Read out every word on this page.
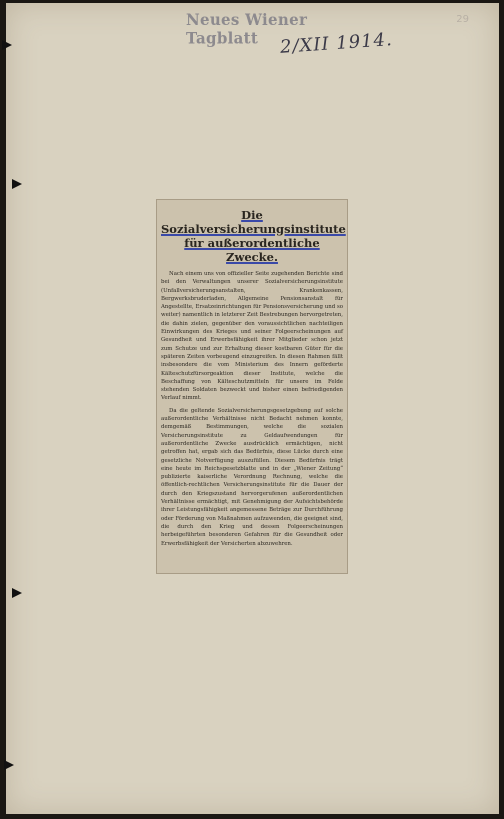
Neues Wiener Tagblatt
29
2/XII 1914.
Die Sozialversicherungsinstitute für außerordentliche Zwecke.

Nach einem uns von offizieller Seite zugehenden Berichte sind bei den Verwaltungen unserer Sozialversicherungsinstitute (Unfallversicherungsanstalten, Krankenkassen, Bergwerksbruderladen, Allgemeine Pensionsanstalt für Angestellte, Ersatzeinrichtungen für Pensionsversicherung und so weiter) namentlich in letzterer Zeit Bestrebungen hervorgetreten, die dahin zielen, gegenüber den voraussichtlichen nachteiligen Einwirkungen des Krieges und seiner Folgeerscheinungen auf Gesundheit und Erwerbsfähigkeit ihrer Mitglieder schon jetzt zum Schutze und zur Erhaltung dieser kostbaren Güter für die späteren Zeiten vorbeugend einzugreifen. In diesen Rahmen fällt insbesondere die vom Ministerium des Innern geförderte Kälteschutzfürsorgeaktion dieser Institute, welche die Beschaffung von Kälteschutzmitteln für unsere im Felde stehenden Soldaten bezweckt und bisher einen befriedigenden Verlauf nimmt.

Da die geltende Sozialversicherungsgesetzgebung auf solche außerordentliche Verhältnisse nicht Bedacht nehmen konnte, demgemäß Bestimmungen, welche die sozialen Versicherungsinstitute zu Geldaufwendungen für außerordentliche Zwecke ausdrücklich ermächtigen, nicht getroffen hat, ergab sich das Bedürfnis, diese Lücke durch eine gesetzliche Notverfügung auszufüllen. Diesem Bedürfnis trägt eine heute im Reichsgesetzblatte und in der „Wiener Zeitung“ publizierte kaiserliche Verordnung Rechnung, welche die öffentlich-rechtlichen Versicherungsinstitute für die Dauer der durch den Kriegszustand hervorgerufenen außerordentlichen Verhältnisse ermächtigt, mit Genehmigung der Aufsichtsbehörde ihrer Leistungsfähigkeit angemessene Beträge zur Durchführung oder Förderung von Maßnahmen aufzuwenden, die geeignet sind, die durch den Krieg und dessen Folgeerscheinungen herbeigeführten besonderen Gefahren für die Gesundheit oder Erwerbsfähigkeit der Versicherten abzuwehren.
